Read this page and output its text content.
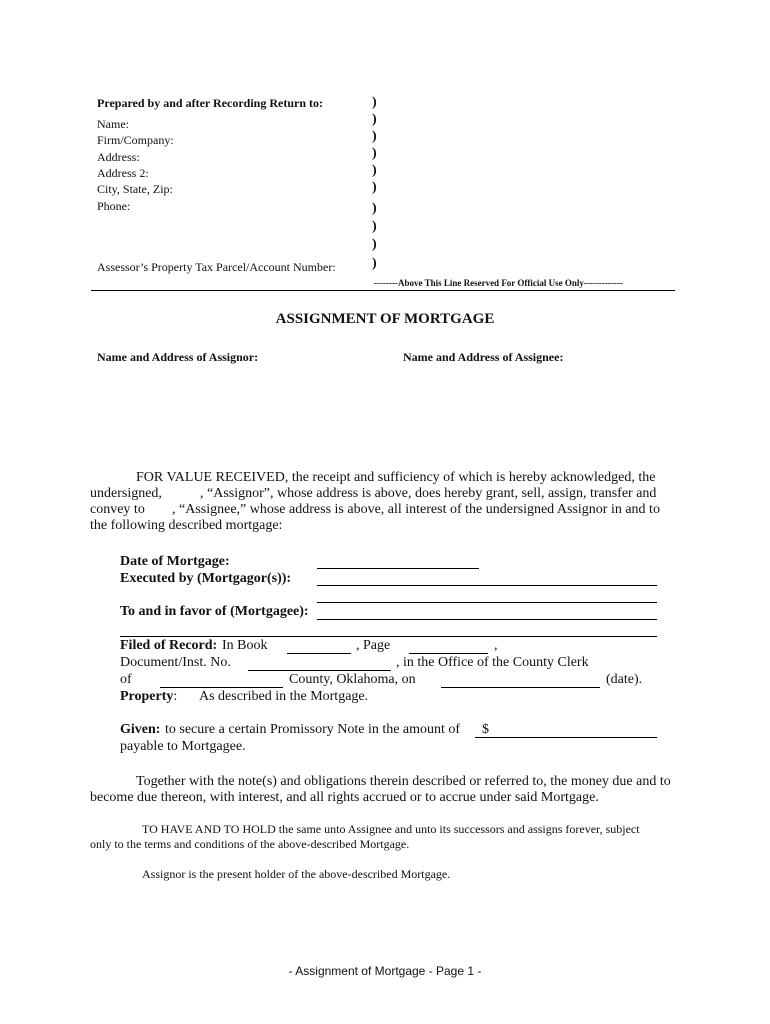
Prepared by and after Recording Return to:
Name:
Firm/Company:
Address:
Address 2:
City, State, Zip:
Phone:
Assessor’s Property Tax Parcel/Account Number:
)
)
)
)
)
)
)
)
)
)
--------Above This Line Reserved For Official Use Only-------------
ASSIGNMENT OF MORTGAGE
Name and Address of Assignor:	Name and Address of Assignee:
FOR VALUE RECEIVED, the receipt and sufficiency of which is hereby acknowledged, the
undersigned,	, “Assignor”, whose address is above, does hereby grant, sell, assign, transfer and
convey to , “Assignee,” whose address is above, all interest of the undersigned Assignor in and to
the following described mortgage:
Date of Mortgage:
Executed by (Mortgagor(s)):
To and in favor of (Mortgagee):
Filed of Record: In Book	, Page	,
Document/Inst. No.	, in the Office of the County Clerk
of	County, Oklahoma, on	(date).
Property: As described in the Mortgage.
Given: to secure a certain Promissory Note in the amount of $
payable to Mortgagee.
Together with the note(s) and obligations therein described or referred to, the money due and to
become due thereon, with interest, and all rights accrued or to accrue under said Mortgage.
TO HAVE AND TO HOLD the same unto Assignee and unto its successors and assigns forever, subject
only to the terms and conditions of the above-described Mortgage.
Assignor is the present holder of the above-described Mortgage.
- Assignment of Mortgage - Page 1 -
